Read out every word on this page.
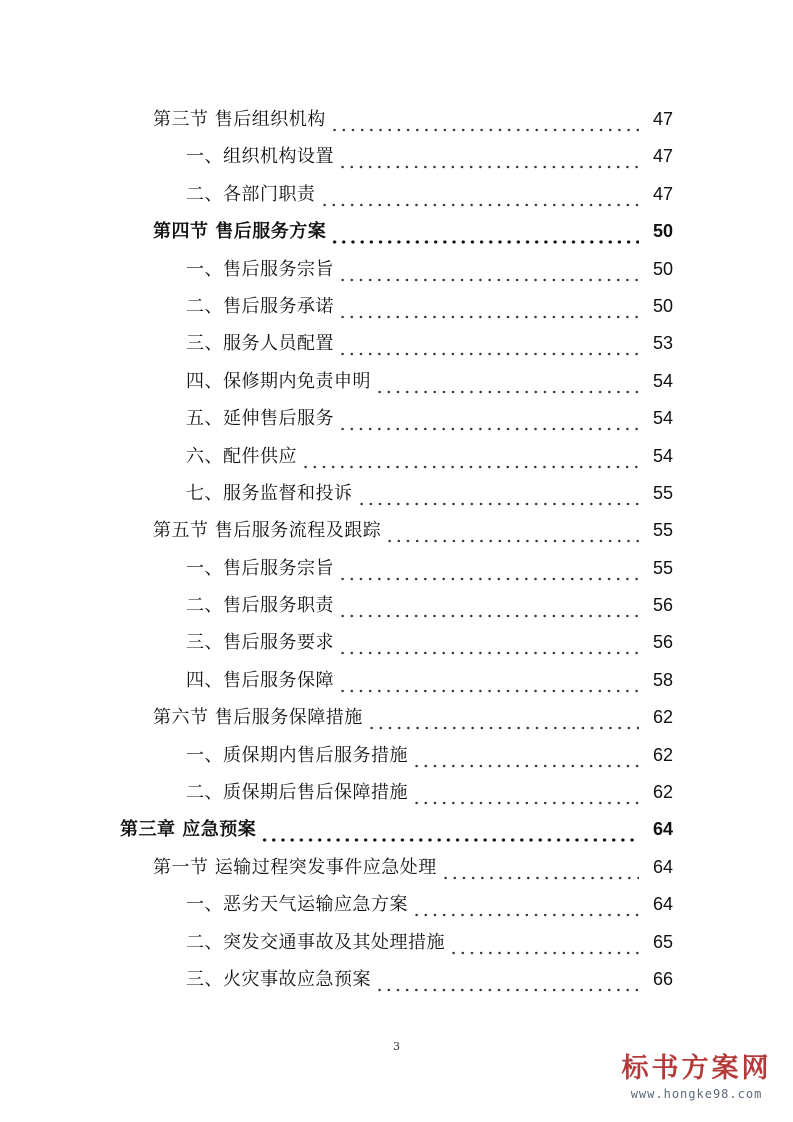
第三节 售后组织机构	47
一、组织机构设置	47
二、各部门职责	47
第四节 售后服务方案	50
一、售后服务宗旨	50
二、售后服务承诺	50
三、服务人员配置	53
四、保修期内免责申明	54
五、延伸售后服务	54
六、配件供应	54
七、服务监督和投诉	55
第五节 售后服务流程及跟踪	55
一、售后服务宗旨	55
二、售后服务职责	56
三、售后服务要求	56
四、售后服务保障	58
第六节 售后服务保障措施	62
一、质保期内售后服务措施	62
二、质保期后售后保障措施	62
第三章 应急预案	64
第一节 运输过程突发事件应急处理	64
一、恶劣天气运输应急方案	64
二、突发交通事故及其处理措施	65
三、火灾事故应急预案	66
3
标书方案网
www.hongke98.com
